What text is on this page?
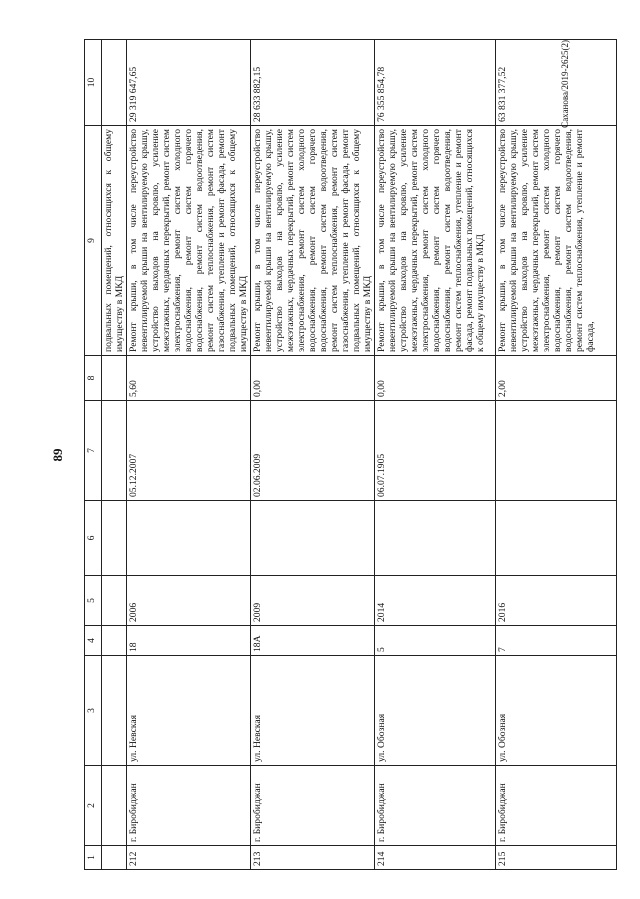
89
1	2	3	4	5	6	7	8	9	10
								подвальных помещений, относящихся к общему имуществу в МКД	
212	г. Биробиджан	ул. Невская	18	2006		05.12.2007	5,60	Ремонт крыши, в том числе переустройство невентилируемой крыши на вентилируемую крышу, устройство выходов на кровлю, усиление межэтажных, чердачных перекрытий, ремонт систем электроснабжения, ремонт систем холодного водоснабжения, ремонт систем горячего водоснабжения, ремонт систем водоотведения, ремонт систем теплоснабжения, ремонт систем газоснабжения, утепление и ремонт фасада, ремонт подвальных помещений, относящихся к общему имуществу в МКД	29 319 647,65
213	г. Биробиджан	ул. Невская	18А	2009		02.06.2009	0,00	Ремонт крыши, в том числе переустройство невентилируемой крыши на вентилируемую крышу, устройство выходов на кровлю, усиление межэтажных, чердачных перекрытий, ремонт систем электроснабжения, ремонт систем холодного водоснабжения, ремонт систем горячего водоснабжения, ремонт систем водоотведения, ремонт систем теплоснабжения, ремонт систем газоснабжения, утепление и ремонт фасада, ремонт подвальных помещений, относящихся к общему имуществу в МКД	28 633 882,15
214	г. Биробиджан	ул. Обозная	5	2014		06.07.1905	0,00	Ремонт крыши, в том числе переустройство невентилируемой крыши на вентилируемую крышу, устройство выходов на кровлю, усиление межэтажных, чердачных перекрытий, ремонт систем электроснабжения, ремонт систем холодного водоснабжения, ремонт систем горячего водоснабжения, ремонт систем водоотведения, ремонт систем теплоснабжения, утепление и ремонт фасада, ремонт подвальных помещений, относящихся к общему имуществу в МКД	76 355 854,78
215	г. Биробиджан	ул. Обозная	7	2016			2,00	Ремонт крыши, в том числе переустройство невентилируемой крыши на вентилируемую крышу, устройство выходов на кровлю, усиление межэтажных, чердачных перекрытий, ремонт систем электроснабжения, ремонт систем холодного водоснабжения, ремонт систем горячего водоснабжения, ремонт систем водоотведения, ремонт систем теплоснабжения, утепление и ремонт фасада,	63 831 377,52	Саханова/2019-2625(2)
